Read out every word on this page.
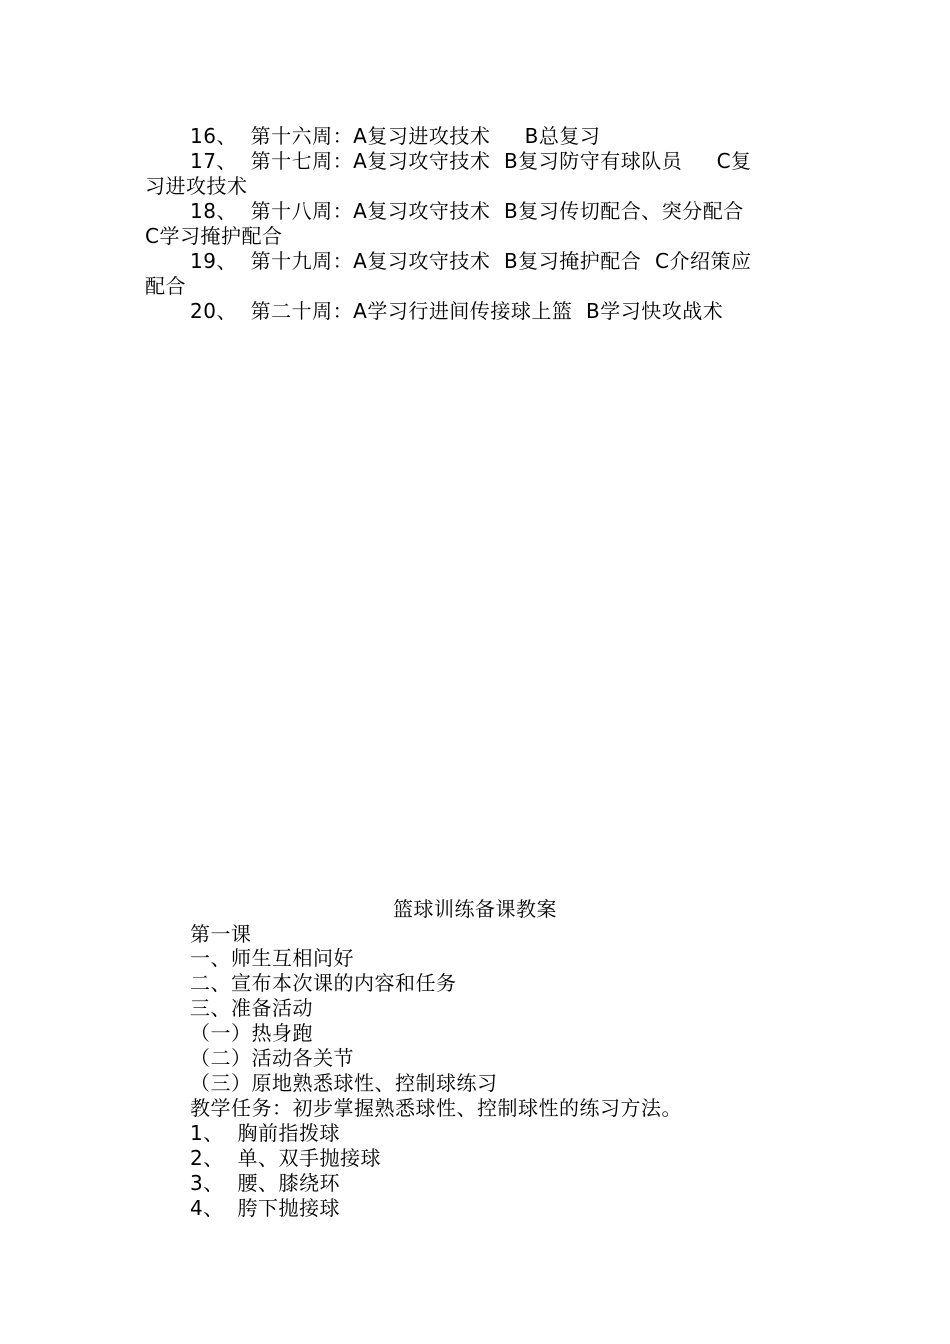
16、  第十六周：A复习进攻技术     B总复习
17、  第十七周：A复习攻守技术  B复习防守有球队员     C复
习进攻技术
18、  第十八周：A复习攻守技术  B复习传切配合、突分配合
C学习掩护配合
19、  第十九周：A复习攻守技术  B复习掩护配合  C介绍策应
配合
20、  第二十周：A学习行进间传接球上篮  B学习快攻战术
篮球训练备课教案
第一课
一、师生互相问好
二、宣布本次课的内容和任务
三、准备活动
（一）热身跑
（二）活动各关节
（三）原地熟悉球性、控制球练习
教学任务：初步掌握熟悉球性、控制球性的练习方法。
1、  胸前指拨球
2、  单、双手抛接球
3、  腰、膝绕环
4、  胯下抛接球
